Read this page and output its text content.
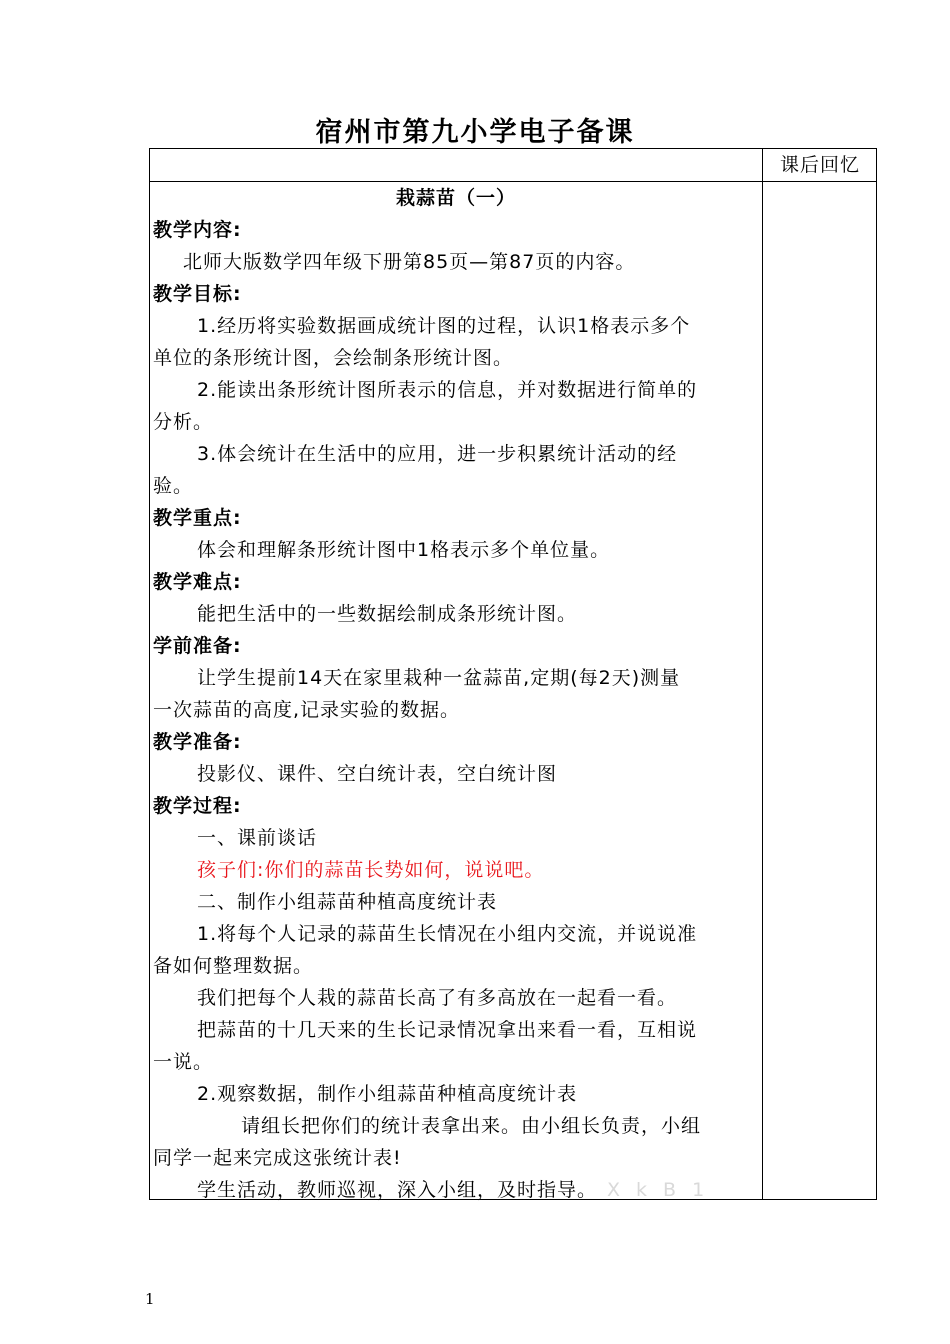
宿州市第九小学电子备课
课后回忆
栽蒜苗（一）
教学内容:
北师大版数学四年级下册第85页—第87页的内容。
教学目标:
1.经历将实验数据画成统计图的过程，认识1格表示多个
单位的条形统计图，会绘制条形统计图。
2.能读出条形统计图所表示的信息，并对数据进行简单的
分析。
3.体会统计在生活中的应用，进一步积累统计活动的经
验。
教学重点:
体会和理解条形统计图中1格表示多个单位量。
教学难点:
能把生活中的一些数据绘制成条形统计图。
学前准备:
让学生提前14天在家里栽种一盆蒜苗,定期(每2天)测量
一次蒜苗的高度,记录实验的数据。
教学准备:
投影仪、课件、空白统计表，空白统计图
教学过程:
一、课前谈话
孩子们:你们的蒜苗长势如何，说说吧。
二、制作小组蒜苗种植高度统计表
1.将每个人记录的蒜苗生长情况在小组内交流，并说说准
备如何整理数据。
我们把每个人栽的蒜苗长高了有多高放在一起看一看。
把蒜苗的十几天来的生长记录情况拿出来看一看，互相说
一说。
2.观察数据，制作小组蒜苗种植高度统计表
请组长把你们的统计表拿出来。由小组长负责，小组
同学一起来完成这张统计表!
学生活动，教师巡视，深入小组，及时指导。 XkB1
1
